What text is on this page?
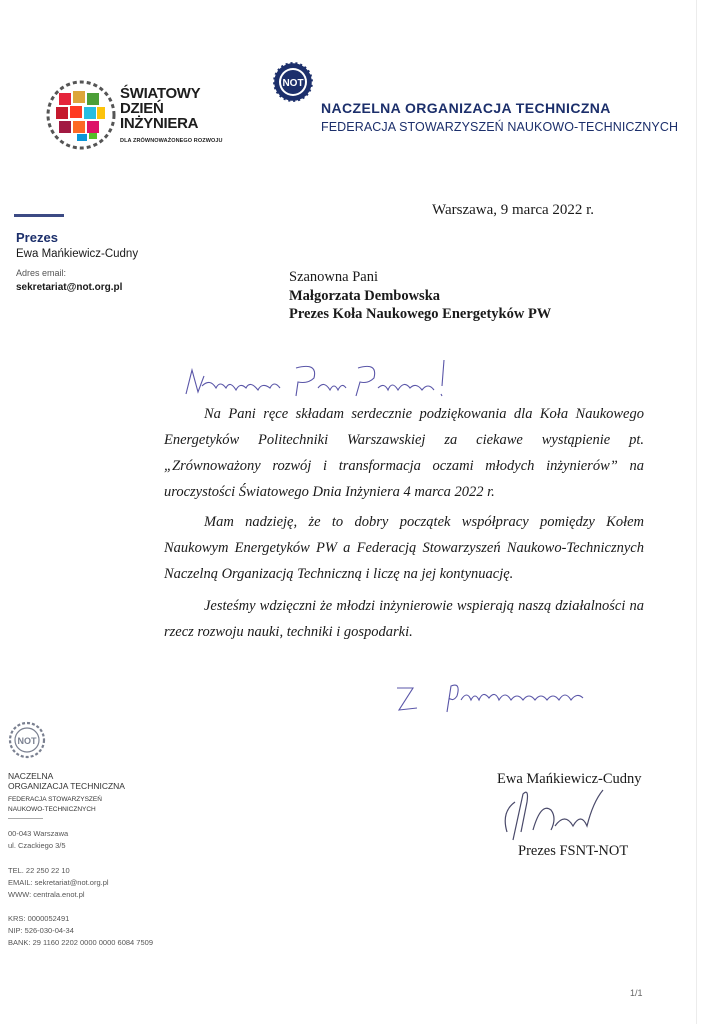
ŚWIATOWY
DZIEŃ
INŻYNIERA
DLA ZRÓWNOWAŻONEGO ROZWOJU
NOT
NACZELNA ORGANIZACJA TECHNICZNA
FEDERACJA STOWARZYSZEŃ NAUKOWO-TECHNICZNYCH
Warszawa, 9 marca 2022 r.
Prezes
Ewa Mańkiewicz-Cudny
Adres email:
sekretariat@not.org.pl
Szanowna Pani
Małgorzata Dembowska
Prezes Koła Naukowego Energetyków PW
Na Pani ręce składam serdecznie podziękowania dla Koła Naukowego Energetyków Politechniki Warszawskiej za ciekawe wystąpienie pt. „Zrównoważony rozwój i transformacja oczami młodych inżynierów” na uroczystości Światowego Dnia Inżyniera 4 marca 2022 r.
Mam nadzieję, że to dobry początek współpracy pomiędzy Kołem Naukowym Energetyków PW a Federacją Stowarzyszeń Naukowo-Technicznych Naczelną Organizacją Techniczną i liczę na jej kontynuację.
Jesteśmy wdzięczni że młodzi inżynierowie wspierają naszą działalności na rzecz rozwoju nauki, techniki i gospodarki.
Ewa Mańkiewicz-Cudny
Prezes FSNT-NOT
NOT
NACZELNA
ORGANIZACJA TECHNICZNA
FEDERACJA STOWARZYSZEŃ
NAUKOWO-TECHNICZNYCH
00-043 Warszawa
ul. Czackiego 3/5
TEL. 22 250 22 10
EMAIL: sekretariat@not.org.pl
WWW: centrala.enot.pl
KRS: 0000052491
NIP: 526-030-04-34
BANK: 29 1160 2202 0000 0000 6084 7509
1/1
